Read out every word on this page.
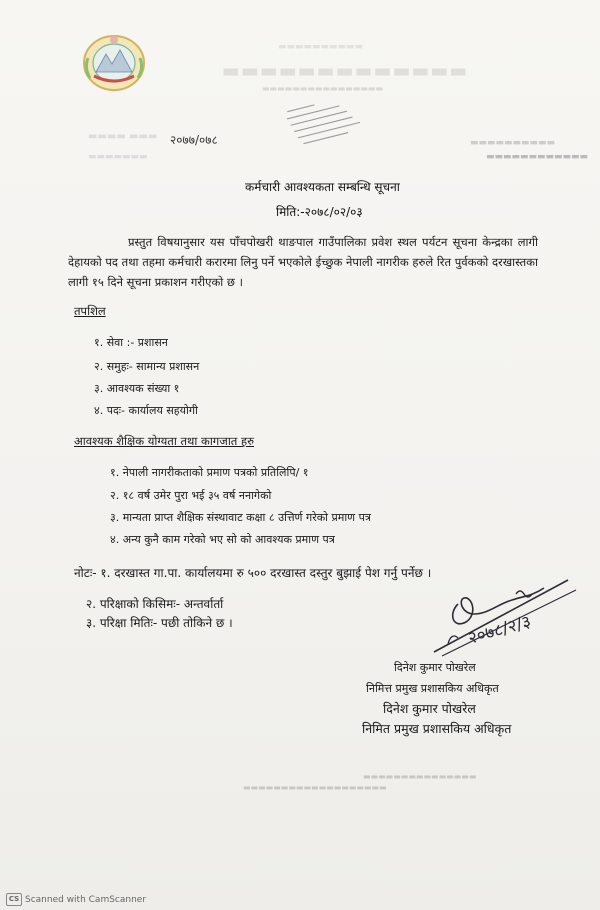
▬▬▬▬▬▬▬▬▬▬
▬▬▬▬▬▬▬▬▬▬▬▬▬
▬▬▬▬▬▬▬▬▬▬▬▬▬▬▬▬
▬▬▬▬ ▬▬▬ २०७७/०७८
▬▬▬▬▬▬▬
▬▬▬▬▬▬▬▬▬▬
▬▬▬▬▬▬▬▬▬▬▬▬
कर्मचारी आवश्यकता सम्बन्धि सूचना
मिति:-२०७८/०२/०३
प्रस्तुत विषयानुसार यस पाँचपोखरी थाङपाल गाउँपालिका प्रवेश स्थल पर्यटन सूचना केन्द्रका लागी देहायको पद तथा तहमा कर्मचारी करारमा लिनु पर्ने भएकोले ईच्छुक नेपाली नागरीक हरुले रित पुर्वकको दरखास्तका लागी १५ दिने सूचना प्रकाशन गरीएको छ ।
तपशिल
१. सेवा :- प्रशासन
२. समुहः- सामान्य प्रशासन
३. आवश्यक संख्या १
४. पदः- कार्यालय सहयोगी
आवश्यक शैक्षिक योग्यता तथा कागजात हरु
१. नेपाली नागरीकताको प्रमाण पत्रको प्रतिलिपि/ १
२. १८ वर्ष उमेर पुरा भई ३५ वर्ष ननागेको
३. मान्यता प्राप्त शैक्षिक संस्थावाट कक्षा ८ उत्तिर्ण गरेको प्रमाण पत्र
४. अन्य कुनै काम गरेको भए सो को आवश्यक प्रमाण पत्र
नोटः- १. दरखास्त गा.पा. कार्यालयमा रु ५०० दरखास्त दस्तुर बुझाई पेश गर्नु पर्नेछ ।
२. परिक्षाको किसिमः- अन्तर्वार्ता
३. परिक्षा मितिः- पछी तोकिने छ ।	२०७८/२/३
दिनेश कुमार पोखरेल
निमित्त प्रमुख प्रशासकिय अधिकृत
दिनेश कुमार पोखरेल
निमित प्रमुख प्रशासकिय अधिकृत
▬▬▬▬▬▬▬▬▬▬▬▬▬▬▬
▬▬▬▬▬▬▬▬▬▬▬▬▬▬▬▬▬▬▬
CS Scanned with CamScanner
